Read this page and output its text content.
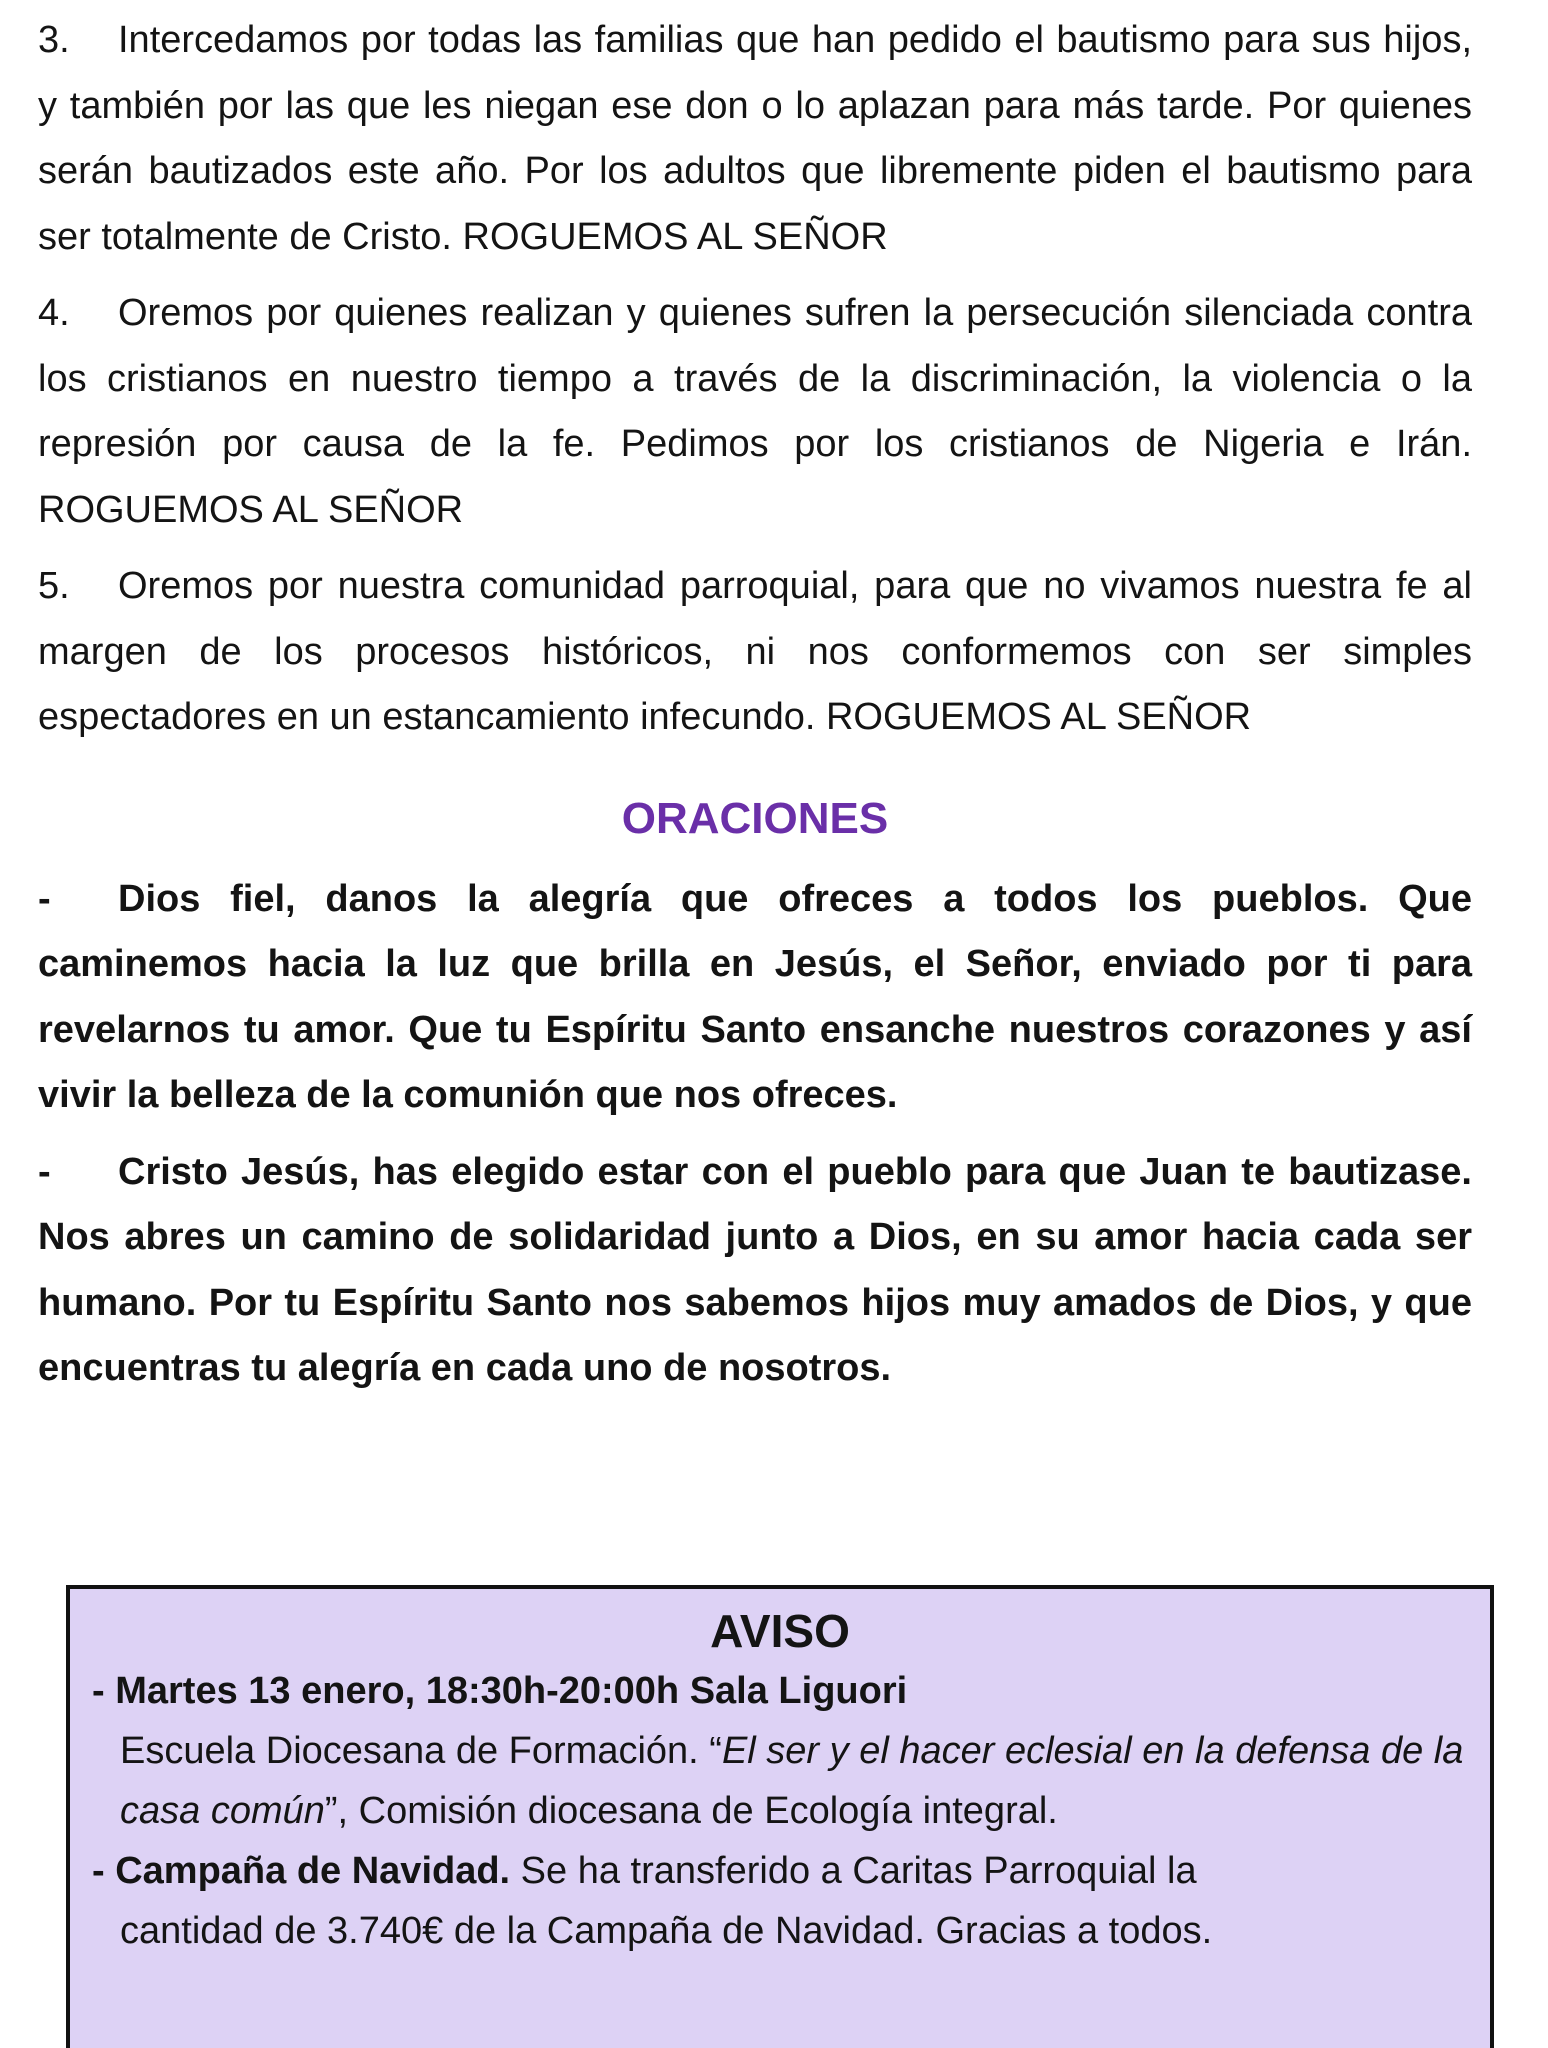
3. Intercedamos por todas las familias que han pedido el bautismo para sus hijos, y también por las que les niegan ese don o lo aplazan para más tarde. Por quienes serán bautizados este año. Por los adultos que libremente piden el bautismo para ser totalmente de Cristo. ROGUEMOS AL SEÑOR
4. Oremos por quienes realizan y quienes sufren la persecución silenciada contra los cristianos en nuestro tiempo a través de la discriminación, la violencia o la represión por causa de la fe. Pedimos por los cristianos de Nigeria e Irán. ROGUEMOS AL SEÑOR
5. Oremos por nuestra comunidad parroquial, para que no vivamos nuestra fe al margen de los procesos históricos, ni nos conformemos con ser simples espectadores en un estancamiento infecundo. ROGUEMOS AL SEÑOR
ORACIONES
- Dios fiel, danos la alegría que ofreces a todos los pueblos. Que caminemos hacia la luz que brilla en Jesús, el Señor, enviado por ti para revelarnos tu amor. Que tu Espíritu Santo ensanche nuestros corazones y así vivir la belleza de la comunión que nos ofreces.
- Cristo Jesús, has elegido estar con el pueblo para que Juan te bautizase. Nos abres un camino de solidaridad junto a Dios, en su amor hacia cada ser humano. Por tu Espíritu Santo nos sabemos hijos muy amados de Dios, y que encuentras tu alegría en cada uno de nosotros.
AVISO
- Martes 13 enero, 18:30h-20:00h Sala Liguori
Escuela Diocesana de Formación. “El ser y el hacer eclesial en la defensa de la casa común”, Comisión diocesana de Ecología integral.
- Campaña de Navidad. Se ha transferido a Caritas Parroquial la
cantidad de 3.740€ de la Campaña de Navidad. Gracias a todos.
